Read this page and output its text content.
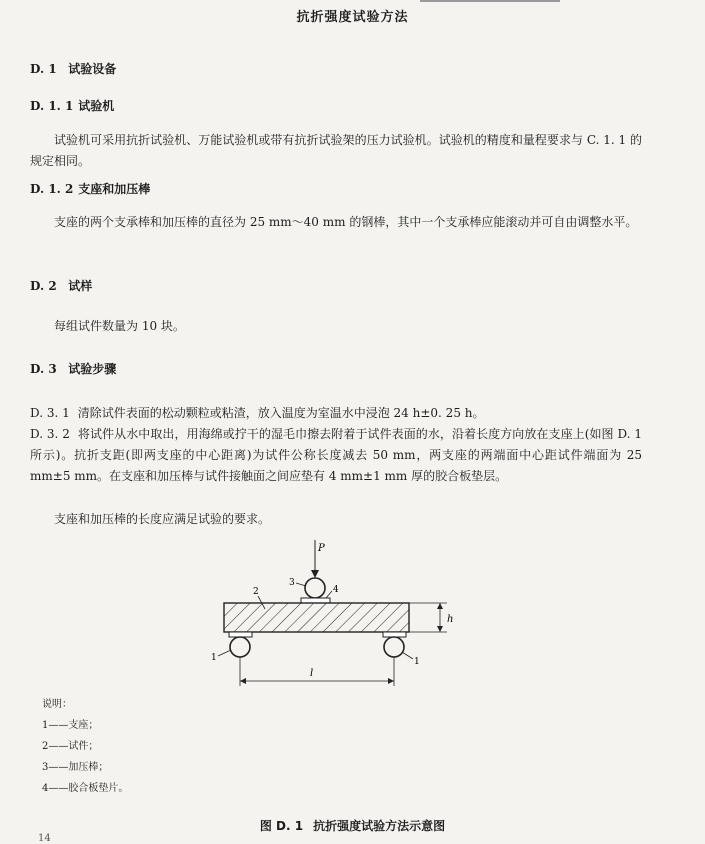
抗折强度试验方法
D. 1 试验设备
D. 1. 1 试验机
试验机可采用抗折试验机、万能试验机或带有抗折试验架的压力试验机。试验机的精度和量程要求与 C. 1. 1 的规定相同。
D. 1. 2 支座和加压棒
支座的两个支承棒和加压棒的直径为 25 mm～40 mm 的钢棒，其中一个支承棒应能滚动并可自由调整水平。
D. 2 试样
每组试件数量为 10 块。
D. 3 试验步骤
D. 3. 1 清除试件表面的松动颗粒或粘渣，放入温度为室温水中浸泡 24 h±0. 25 h。
D. 3. 2 将试件从水中取出，用海绵或拧干的湿毛巾擦去附着于试件表面的水，沿着长度方向放在支座上(如图 D. 1 所示)。抗折支距(即两支座的中心距离)为试件公称长度减去 50 mm，两支座的两端面中心距试件端面为 25 mm±5 mm。在支座和加压棒与试件接触面之间应垫有 4 mm±1 mm 厚的胶合板垫层。
支座和加压棒的长度应满足试验的要求。
P
h
l
3
4
2
1	1
说明：
1——支座；
2——试件；
3——加压棒；
4——胶合板垫片。
图 D. 1 抗折强度试验方法示意图
14
